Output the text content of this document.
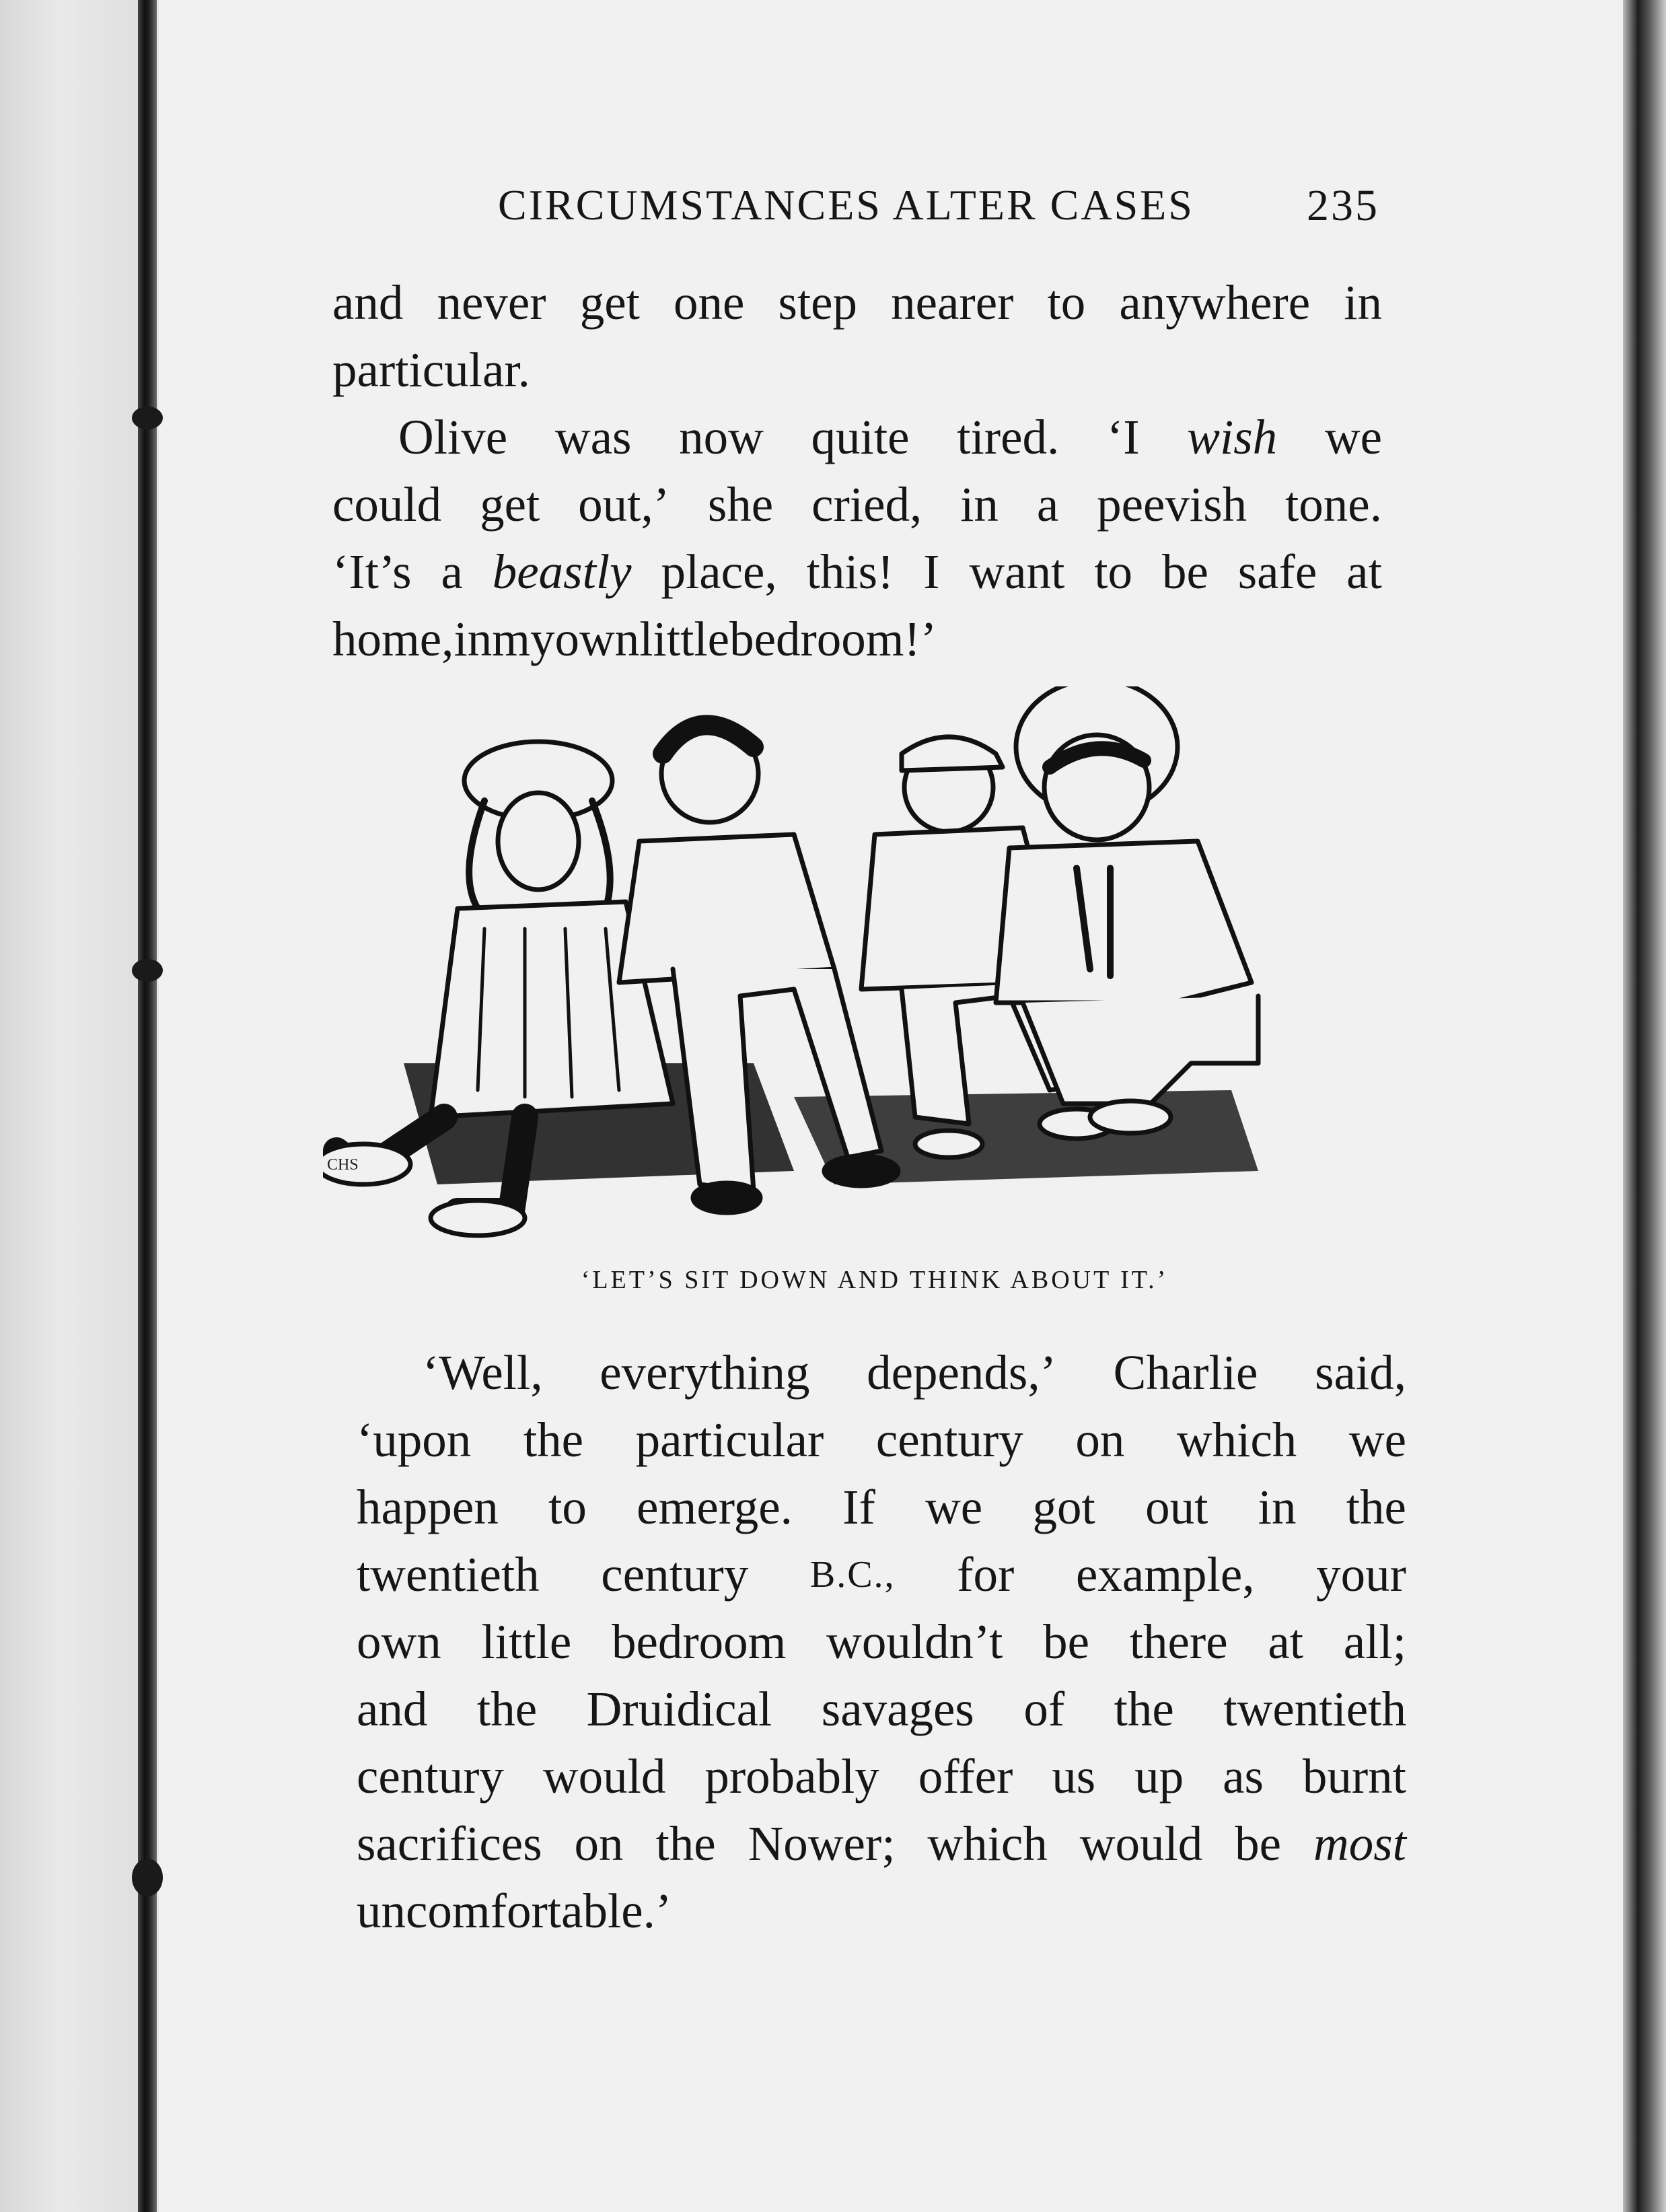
CIRCUMSTANCES ALTER CASES	235
and never get one step nearer to anywhere in
particular.
Olive was now quite tired. ‘I wish we
could get out,’ she cried, in a peevish tone.
‘It’s a beastly place, this! I want to be safe at
home, in my own little bedroom!’
CHS
‘LET’S SIT DOWN AND THINK ABOUT IT.’
‘Well, everything depends,’ Charlie said,
‘upon the particular century on which we
happen to emerge. If we got out in the
twentieth century B.C., for example, your
own little bedroom wouldn’t be there at all;
and the Druidical savages of the twentieth
century would probably offer us up as burnt
sacrifices on the Nower; which would be most
uncomfortable.’
